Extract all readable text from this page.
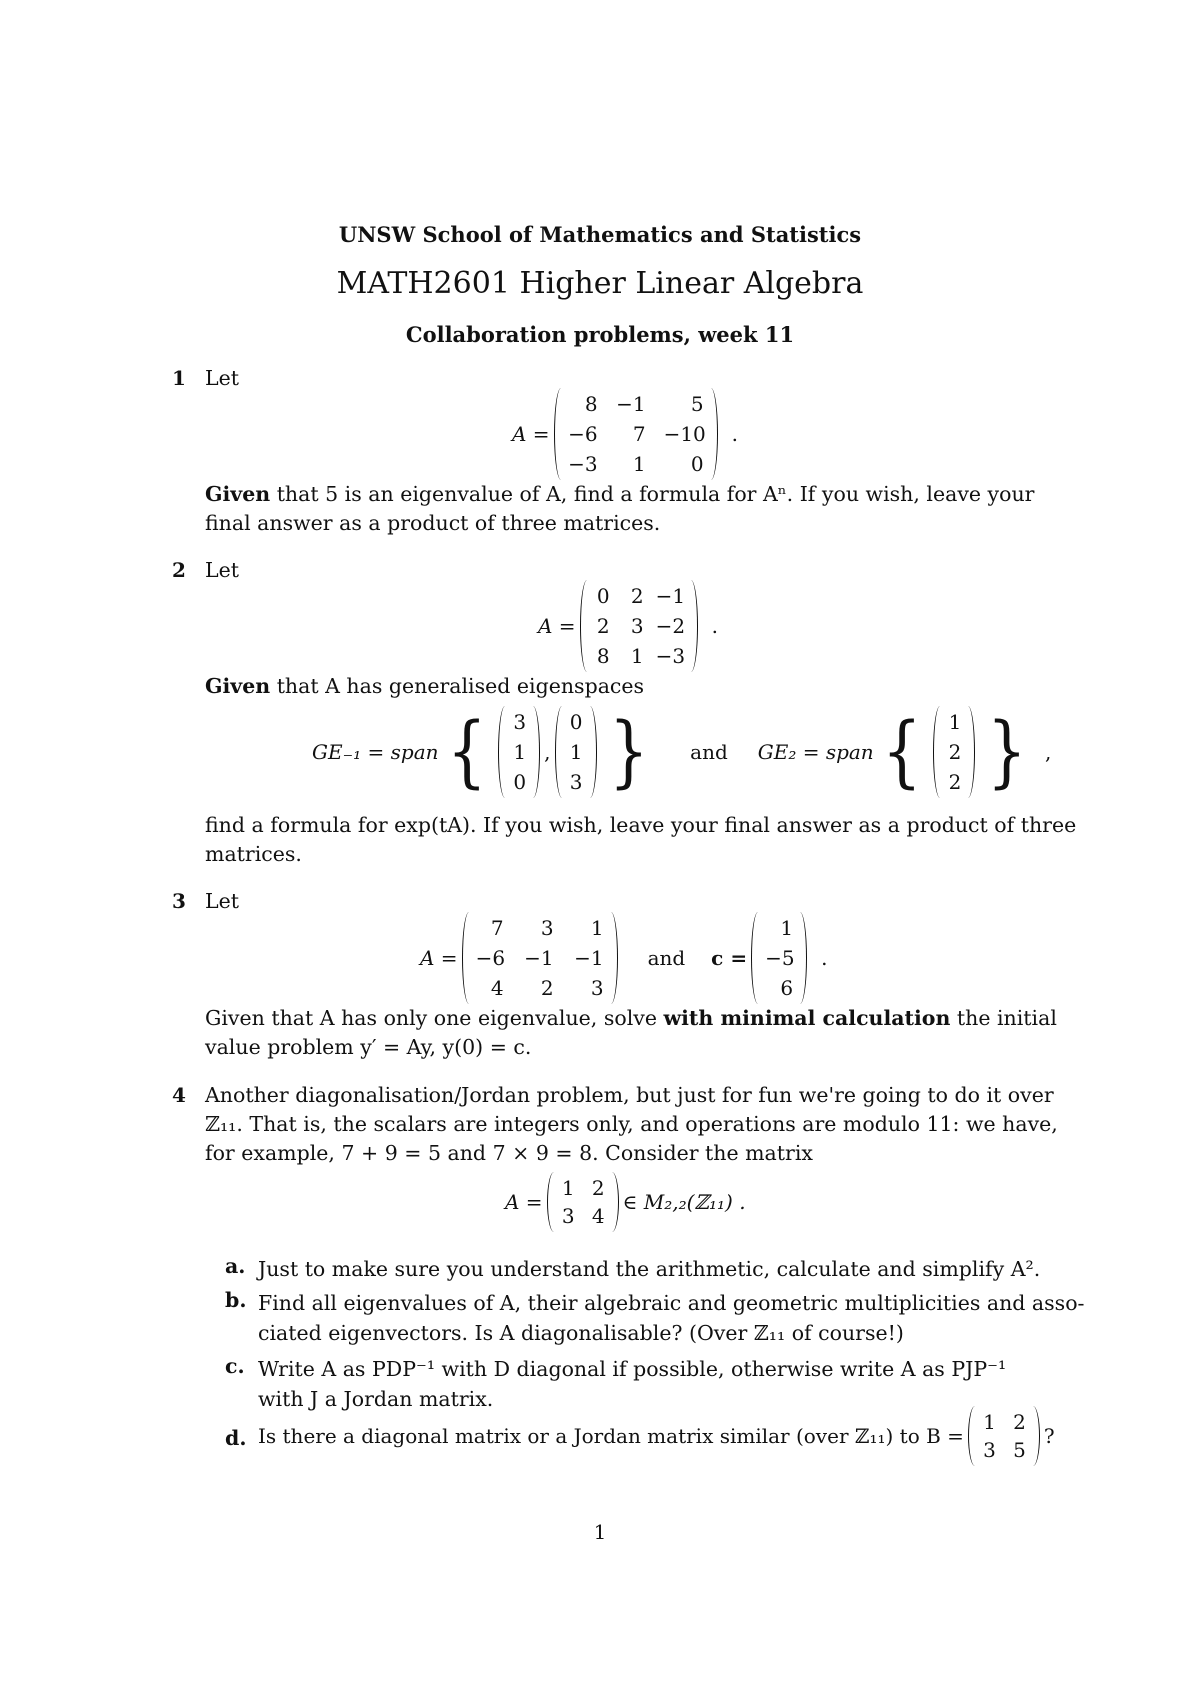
UNSW School of Mathematics and Statistics
MATH2601 Higher Linear Algebra
Collaboration problems, week 11
1 Let
A =
8 −1	5
−6	7 −10
−3	1	0
.
Given that 5 is an eigenvalue of A, find a formula for Aⁿ. If you wish, leave your
final answer as a product of three matrices.
2 Let
A =
0	2 −1
2	3 −2
8	1 −3
.
Given that A has generalised eigenspaces
GE₋₁ = span { 3
1
0
,
0
1
3 } and GE₂ = span { 1
2
2 } ,
find a formula for exp(tA). If you wish, leave your final answer as a product of three
matrices.
3 Let
A =
7	3	1
−6 −1 −1
4	2	3
and c =
1
−5
6
.
Given that A has only one eigenvalue, solve with minimal calculation the initial
value problem y′ = Ay, y(0) = c.
4 Another diagonalisation/Jordan problem, but just for fun we're going to do it over
ℤ₁₁. That is, the scalars are integers only, and operations are modulo 11: we have,
for example, 7 + 9 = 5 and 7 × 9 = 8. Consider the matrix
A =
1 2
3 4
∈ M₂,₂(ℤ₁₁) .
a. Just to make sure you understand the arithmetic, calculate and simplify A².
b. Find all eigenvalues of A, their algebraic and geometric multiplicities and asso-
ciated eigenvectors. Is A diagonalisable? (Over ℤ₁₁ of course!)
c. Write A as PDP⁻¹ with D diagonal if possible, otherwise write A as PJP⁻¹
with J a Jordan matrix.
d. Is there a diagonal matrix or a Jordan matrix similar (over ℤ₁₁) to B =
1 2
3 5
?
1
